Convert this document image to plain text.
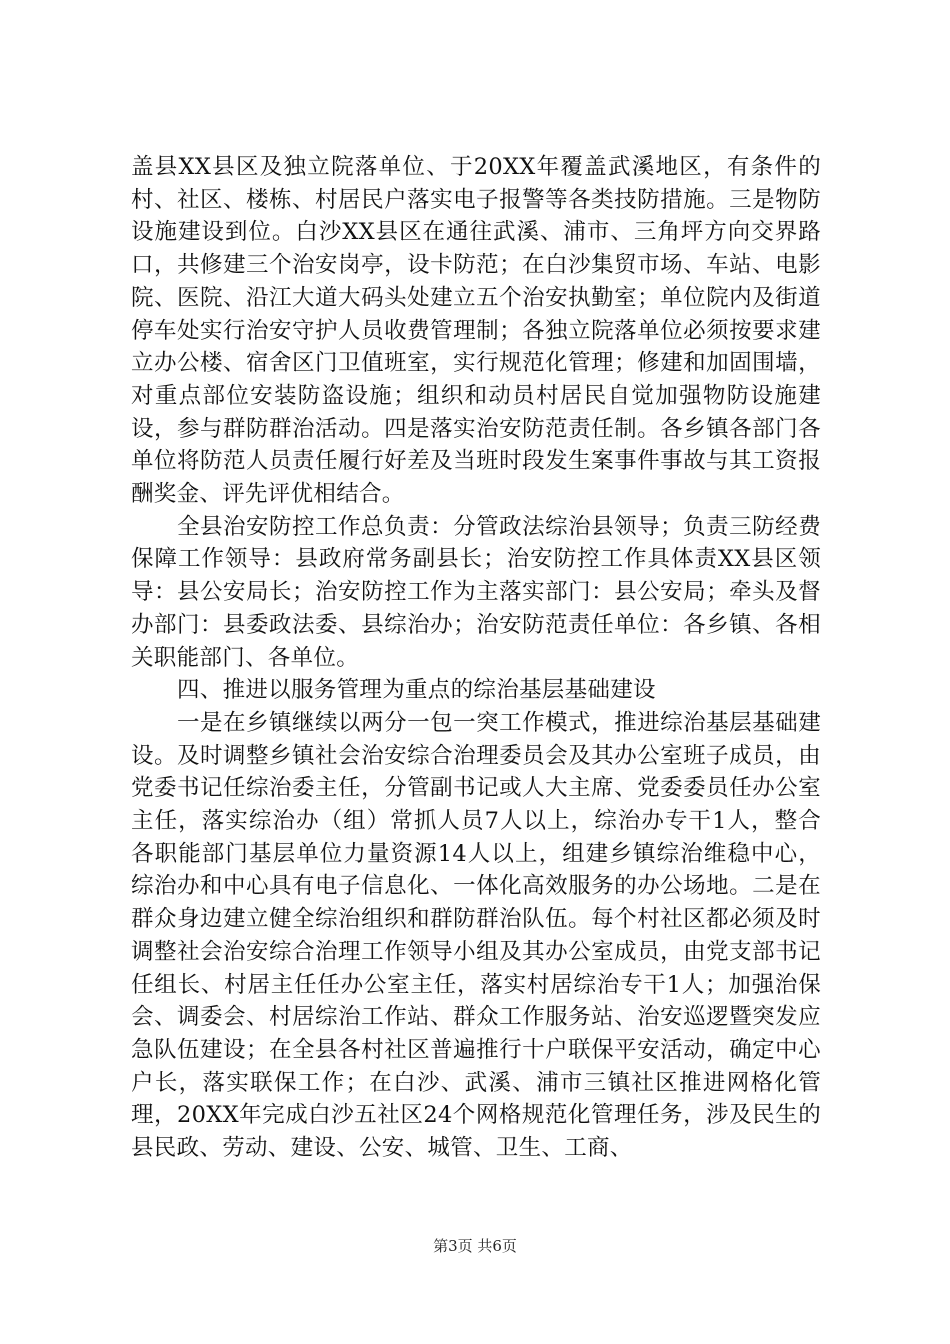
盖县XX县区及独立院落单位、于20XX年覆盖武溪地区，有条件的村、社区、楼栋、村居民户落实电子报警等各类技防措施。三是物防设施建设到位。白沙XX县区在通往武溪、浦市、三角坪方向交界路口，共修建三个治安岗亭，设卡防范；在白沙集贸市场、车站、电影院、医院、沿江大道大码头处建立五个治安执勤室；单位院内及街道停车处实行治安守护人员收费管理制；各独立院落单位必须按要求建立办公楼、宿舍区门卫值班室，实行规范化管理；修建和加固围墙，对重点部位安装防盗设施；组织和动员村居民自觉加强物防设施建设，参与群防群治活动。四是落实治安防范责任制。各乡镇各部门各单位将防范人员责任履行好差及当班时段发生案事件事故与其工资报酬奖金、评先评优相结合。

全县治安防控工作总负责：分管政法综治县领导；负责三防经费保障工作领导：县政府常务副县长；治安防控工作具体责XX县区领导：县公安局长；治安防控工作为主落实部门：县公安局；牵头及督办部门：县委政法委、县综治办；治安防范责任单位：各乡镇、各相关职能部门、各单位。

四、推进以服务管理为重点的综治基层基础建设

一是在乡镇继续以两分一包一突工作模式，推进综治基层基础建设。及时调整乡镇社会治安综合治理委员会及其办公室班子成员，由党委书记任综治委主任，分管副书记或人大主席、党委委员任办公室主任，落实综治办（组）常抓人员7人以上，综治办专干1人，整合各职能部门基层单位力量资源14人以上，组建乡镇综治维稳中心，综治办和中心具有电子信息化、一体化高效服务的办公场地。二是在群众身边建立健全综治组织和群防群治队伍。每个村社区都必须及时调整社会治安综合治理工作领导小组及其办公室成员，由党支部书记任组长、村居主任任办公室主任，落实村居综治专干1人；加强治保会、调委会、村居综治工作站、群众工作服务站、治安巡逻暨突发应急队伍建设；在全县各村社区普遍推行十户联保平安活动，确定中心户长，落实联保工作；在白沙、武溪、浦市三镇社区推进网格化管理，20XX年完成白沙五社区24个网格规范化管理任务，涉及民生的县民政、劳动、建设、公安、城管、卫生、工商、

第3页 共6页
